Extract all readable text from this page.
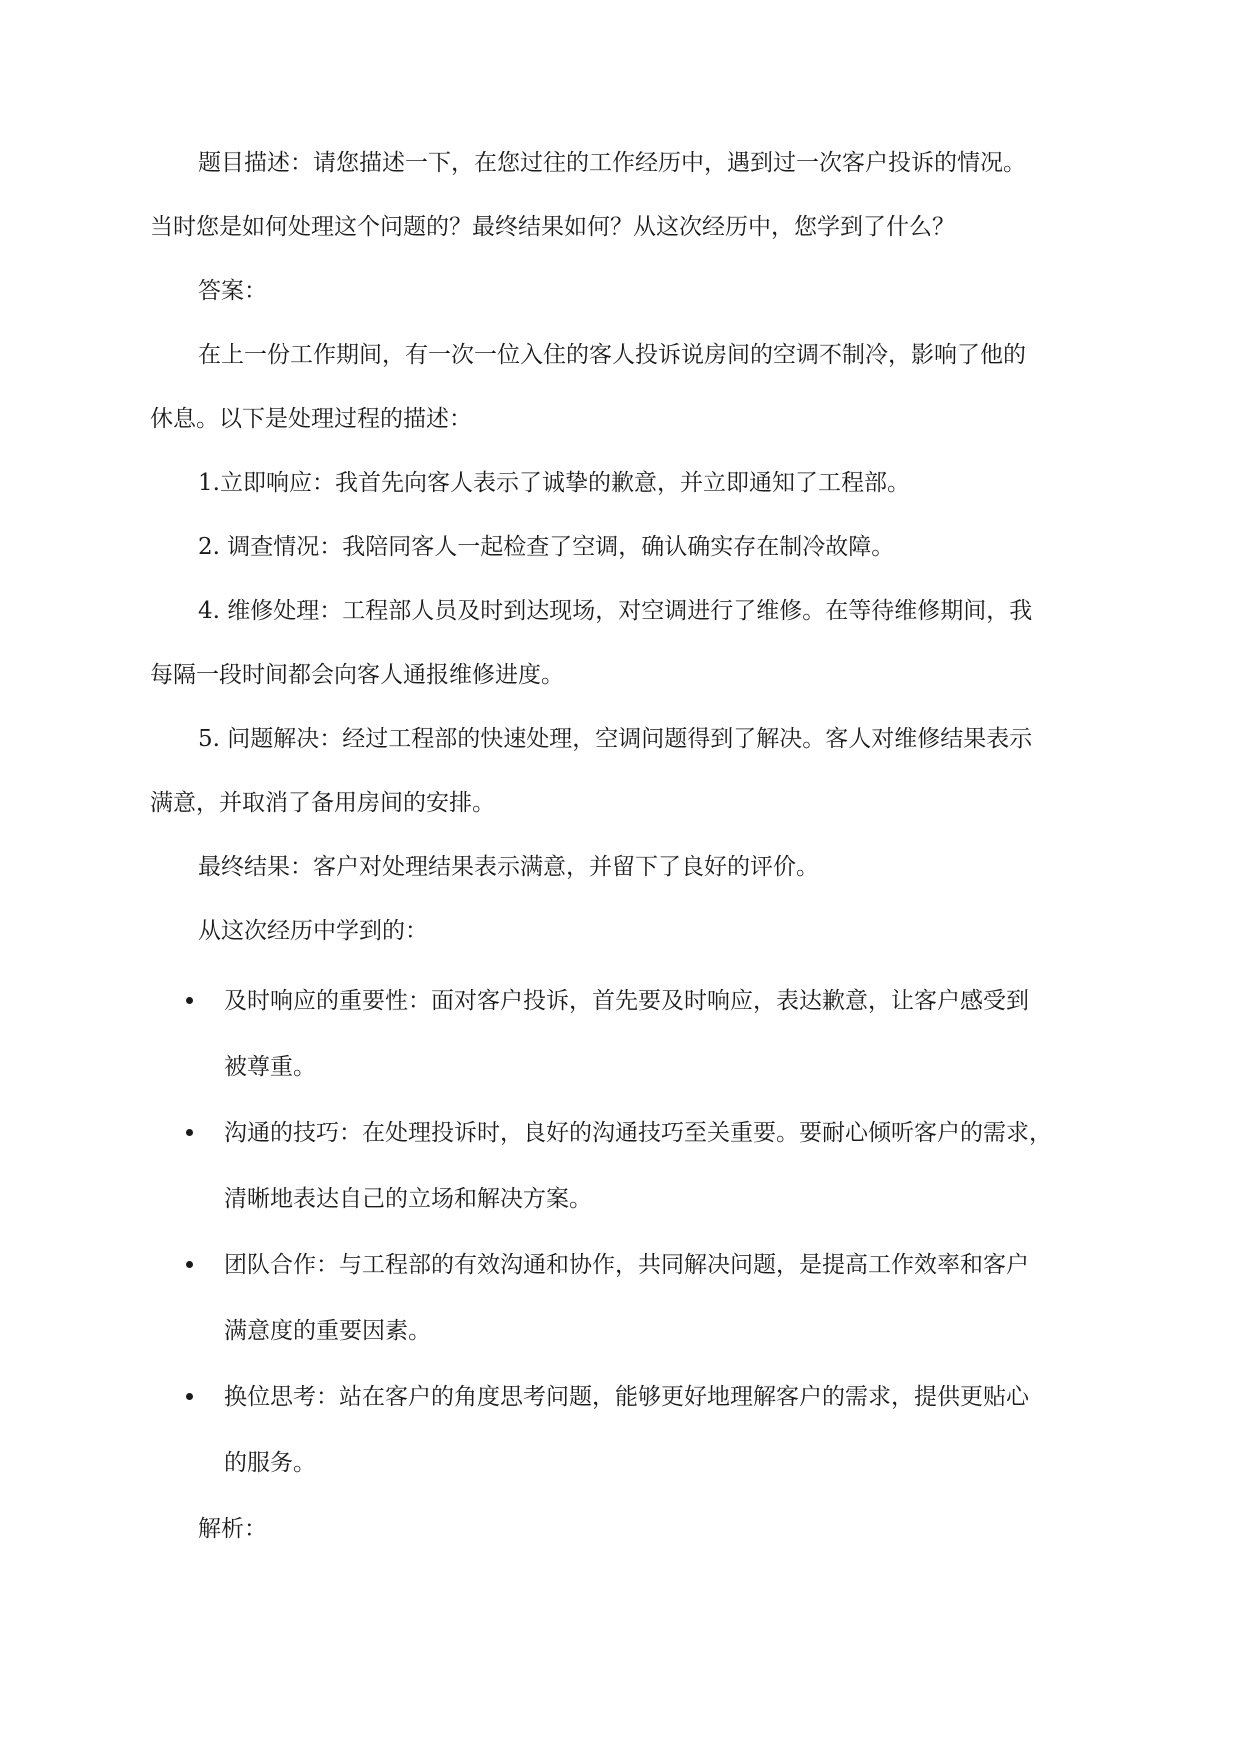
题目描述：请您描述一下，在您过往的工作经历中，遇到过一次客户投诉的情况。
当时您是如何处理这个问题的？最终结果如何？从这次经历中，您学到了什么？
答案：
在上一份工作期间，有一次一位入住的客人投诉说房间的空调不制冷，影响了他的
休息。以下是处理过程的描述：
1.立即响应：我首先向客人表示了诚挚的歉意，并立即通知了工程部。
2. 调查情况：我陪同客人一起检查了空调，确认确实存在制冷故障。
4. 维修处理：工程部人员及时到达现场，对空调进行了维修。在等待维修期间，我
每隔一段时间都会向客人通报维修进度。
5. 问题解决：经过工程部的快速处理，空调问题得到了解决。客人对维修结果表示
满意，并取消了备用房间的安排。
最终结果：客户对处理结果表示满意，并留下了良好的评价。
从这次经历中学到的：
及时响应的重要性：面对客户投诉，首先要及时响应，表达歉意，让客户感受到
被尊重。
沟通的技巧：在处理投诉时，良好的沟通技巧至关重要。要耐心倾听客户的需求，
清晰地表达自己的立场和解决方案。
团队合作：与工程部的有效沟通和协作，共同解决问题，是提高工作效率和客户
满意度的重要因素。
换位思考：站在客户的角度思考问题，能够更好地理解客户的需求，提供更贴心
的服务。
解析：
